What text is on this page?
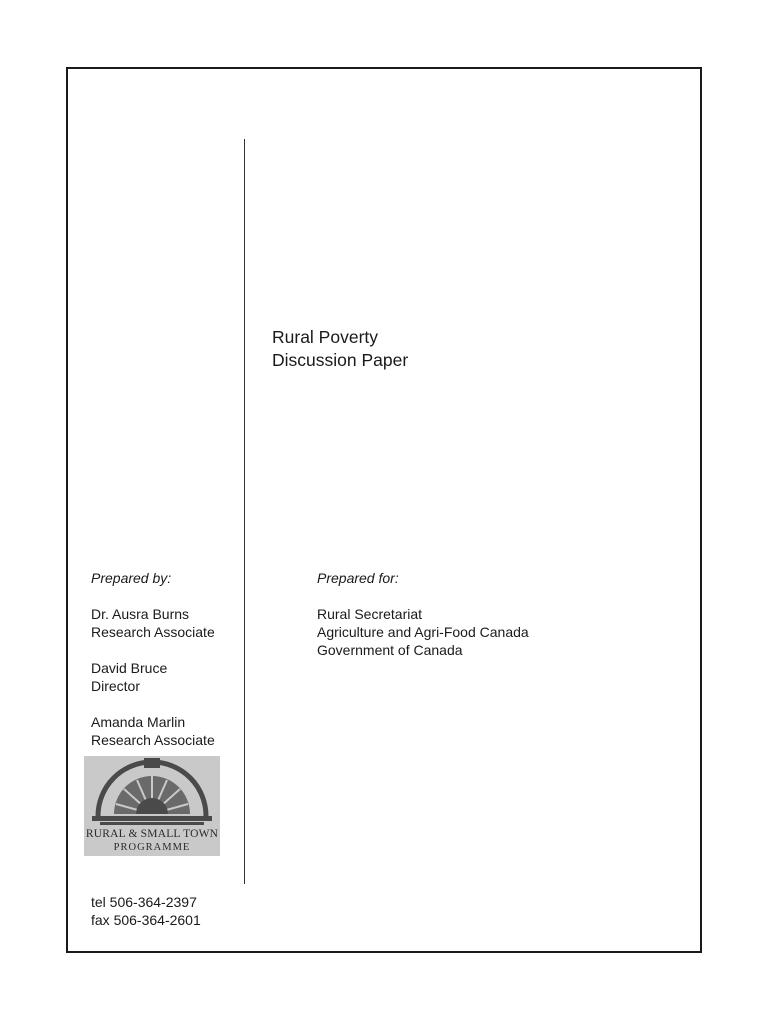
Rural Poverty
Discussion Paper
Prepared by:
Dr. Ausra Burns
Research Associate
David Bruce
Director
Amanda Marlin
Research Associate
Prepared for:
Rural Secretariat
Agriculture and Agri-Food Canada
Government of Canada
RURAL & SMALL TOWN
PROGRAMME
tel 506-364-2397
fax 506-364-2601
